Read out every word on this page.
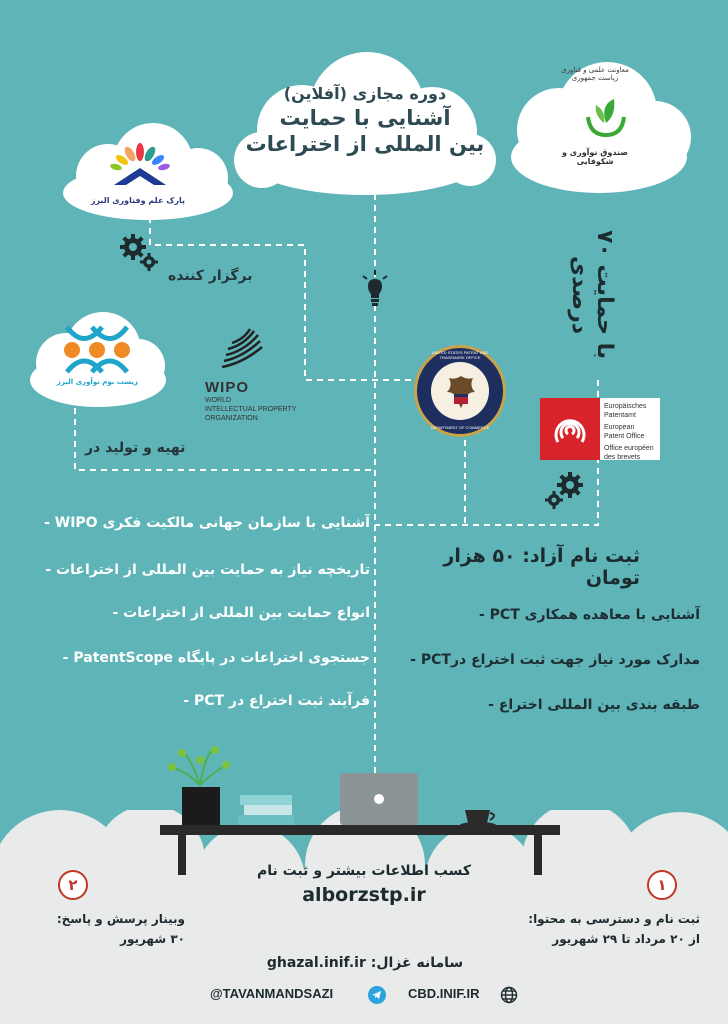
دوره مجازی (آفلاین)
آشنایی با حمایت
بین المللی از اختراعات
پارک علم وفناوری البرز
معاونت علمی و فناوری ریاست جمهوری
صندوق نوآوری و شکوفایی
برگزار کننده
زیست بوم نوآوری البرز	WIPO
WORLD
INTELLECTUAL PROPERTY
ORGANIZATION
UNITED STATES PATENT AND TRADEMARK OFFICE
DEPARTMENT OF COMMERCE
Europäisches
Patentamt
European
Patent Office
Office européen
des brevets
با حمایت ۷۰ درصدی
تهیه و تولید در
آشنایی با سازمان جهانی مالکیت فکری WIPO -
تاریخچه نیاز به حمایت بین المللی از اختراعات -
انواع حمایت بین المللی از اختراعات -
جستجوی اختراعات در پایگاه PatentScope -
فرآیند ثبت اختراع در PCT -
ثبت نام آزاد: ۵۰ هزار تومان
آشنایی با معاهده همکاری PCT -
مدارک مورد نیاز جهت ثبت اختراع درPCT -
طبقه بندی بین المللی اختراع -
کسب اطلاعات بیشتر و ثبت نام
alborzstp.ir	۱
ثبت نام و دسترسی به محتوا:
از ۲۰ مرداد تا ۲۹ شهریور
۲
وبینار پرسش و پاسخ:
۳۰ شهریور
سامانه غزال: ghazal.inif.ir
@TAVANMANDSAZI	CBD.INIF.IR
